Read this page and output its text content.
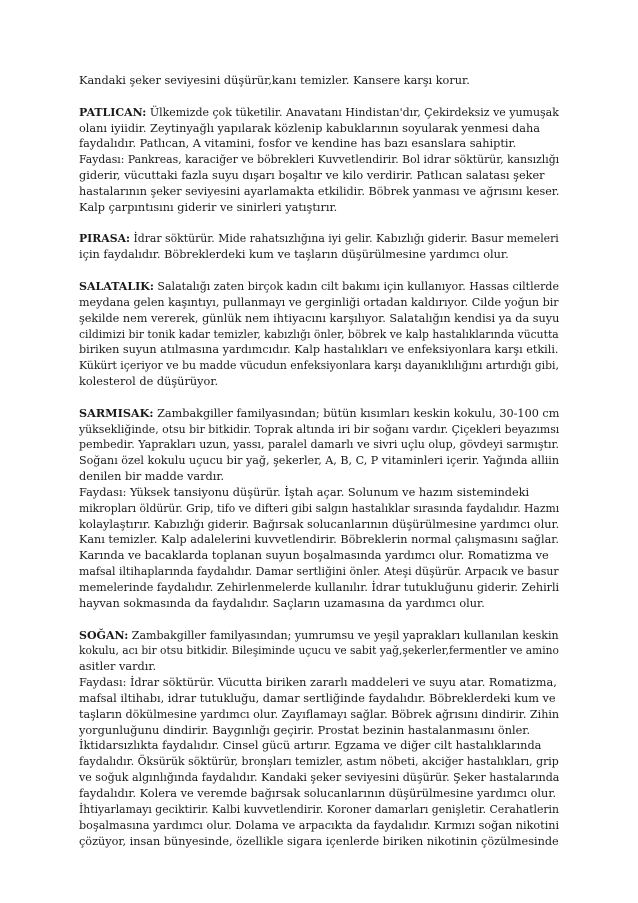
Kandaki şeker seviyesini düşürür,kanı temizler. Kansere karşı korur.

PATLICAN: Ülkemizde çok tüketilir. Anavatanı Hindistan'dır, Çekirdeksiz ve yumuşak
olanı iyiidir. Zeytinyağlı yapılarak közlenip kabuklarının soyularak yenmesi daha
faydalıdır. Patlıcan, A vitamini, fosfor ve kendine has bazı esanslara sahiptir.
Faydası: Pankreas, karaciğer ve böbrekleri Kuvvetlendirir. Bol idrar söktürür, kansızlığı
giderir, vücuttaki fazla suyu dışarı boşaltır ve kilo verdirir. Patlıcan salatası şeker
hastalarının şeker seviyesini ayarlamakta etkilidir. Böbrek yanması ve ağrısını keser.
Kalp çarpıntısını giderir ve sinirleri yatıştırır.

PIRASA: İdrar söktürür. Mide rahatsızlığına iyi gelir. Kabızlığı giderir. Basur memeleri
için faydalıdır. Böbreklerdeki kum ve taşların düşürülmesine yardımcı olur.

SALATALIK: Salatalığı zaten birçok kadın cilt bakımı için kullanıyor. Hassas ciltlerde
meydana gelen kaşıntıyı, pullanmayı ve gerginliği ortadan kaldırıyor. Cilde yoğun bir
şekilde nem vererek, günlük nem ihtiyacını karşılıyor. Salatalığın kendisi ya da suyu
cildimizi bir tonik kadar temizler, kabızlığı önler, böbrek ve kalp hastalıklarında vücutta
biriken suyun atılmasına yardımcıdır. Kalp hastalıkları ve enfeksiyonlara karşı etkili.
Kükürt içeriyor ve bu madde vücudun enfeksiyonlara karşı dayanıklılığını artırdığı gibi,
kolesterol de düşürüyor.

SARMISAK: Zambakgiller familyasından; bütün kısımları keskin kokulu, 30-100 cm
yüksekliğinde, otsu bir bitkidir. Toprak altında iri bir soğanı vardır. Çiçekleri beyazımsı
pembedir. Yaprakları uzun, yassı, paralel damarlı ve sivri uçlu olup, gövdeyi sarmıştır.
Soğanı özel kokulu uçucu bir yağ, şekerler, A, B, C, P vitaminleri içerir. Yağında alliin
denilen bir madde vardır.
Faydası: Yüksek tansiyonu düşürür. İştah açar. Solunum ve hazım sistemindeki
mikropları öldürür. Grip, tifo ve difteri gibi salgın hastalıklar sırasında faydalıdır. Hazmı
kolaylaştırır. Kabızlığı giderir. Bağırsak solucanlarının düşürülmesine yardımcı olur.
Kanı temizler. Kalp adalelerini kuvvetlendirir. Böbreklerin normal çalışmasını sağlar.
Karında ve bacaklarda toplanan suyun boşalmasında yardımcı olur. Romatizma ve
mafsal iltihaplarında faydalıdır. Damar sertliğini önler. Ateşi düşürür. Arpacık ve basur
memelerinde faydalıdır. Zehirlenmelerde kullanılır. İdrar tutukluğunu giderir. Zehirli
hayvan sokmasında da faydalıdır. Saçların uzamasına da yardımcı olur.

SOĞAN: Zambakgiller familyasından; yumrumsu ve yeşil yaprakları kullanılan keskin
kokulu, acı bir otsu bitkidir. Bileşiminde uçucu ve sabit yağ,şekerler,fermentler ve amino
asitler vardır.
Faydası: İdrar söktürür. Vücutta biriken zararlı maddeleri ve suyu atar. Romatizma,
mafsal iltihabı, idrar tutukluğu, damar sertliğinde faydalıdır. Böbreklerdeki kum ve
taşların dökülmesine yardımcı olur. Zayıflamayı sağlar. Böbrek ağrısını dindirir. Zihin
yorgunluğunu dindirir. Baygınlığı geçirir. Prostat bezinin hastalanmasını önler.
İktidarsızlıkta faydalıdır. Cinsel gücü artırır. Egzama ve diğer cilt hastalıklarında
faydalıdır. Öksürük söktürür, bronşları temizler, astım nöbeti, akciğer hastalıkları, grip
ve soğuk algınlığında faydalıdır. Kandaki şeker seviyesini düşürür. Şeker hastalarında
faydalıdır. Kolera ve veremde bağırsak solucanlarının düşürülmesine yardımcı olur.
İhtiyarlamayı geciktirir. Kalbi kuvvetlendirir. Koroner damarları genişletir. Cerahatlerin
boşalmasına yardımcı olur. Dolama ve arpacıkta da faydalıdır. Kırmızı soğan nikotini
çözüyor, insan bünyesinde, özellikle sigara içenlerde biriken nikotinin çözülmesinde
